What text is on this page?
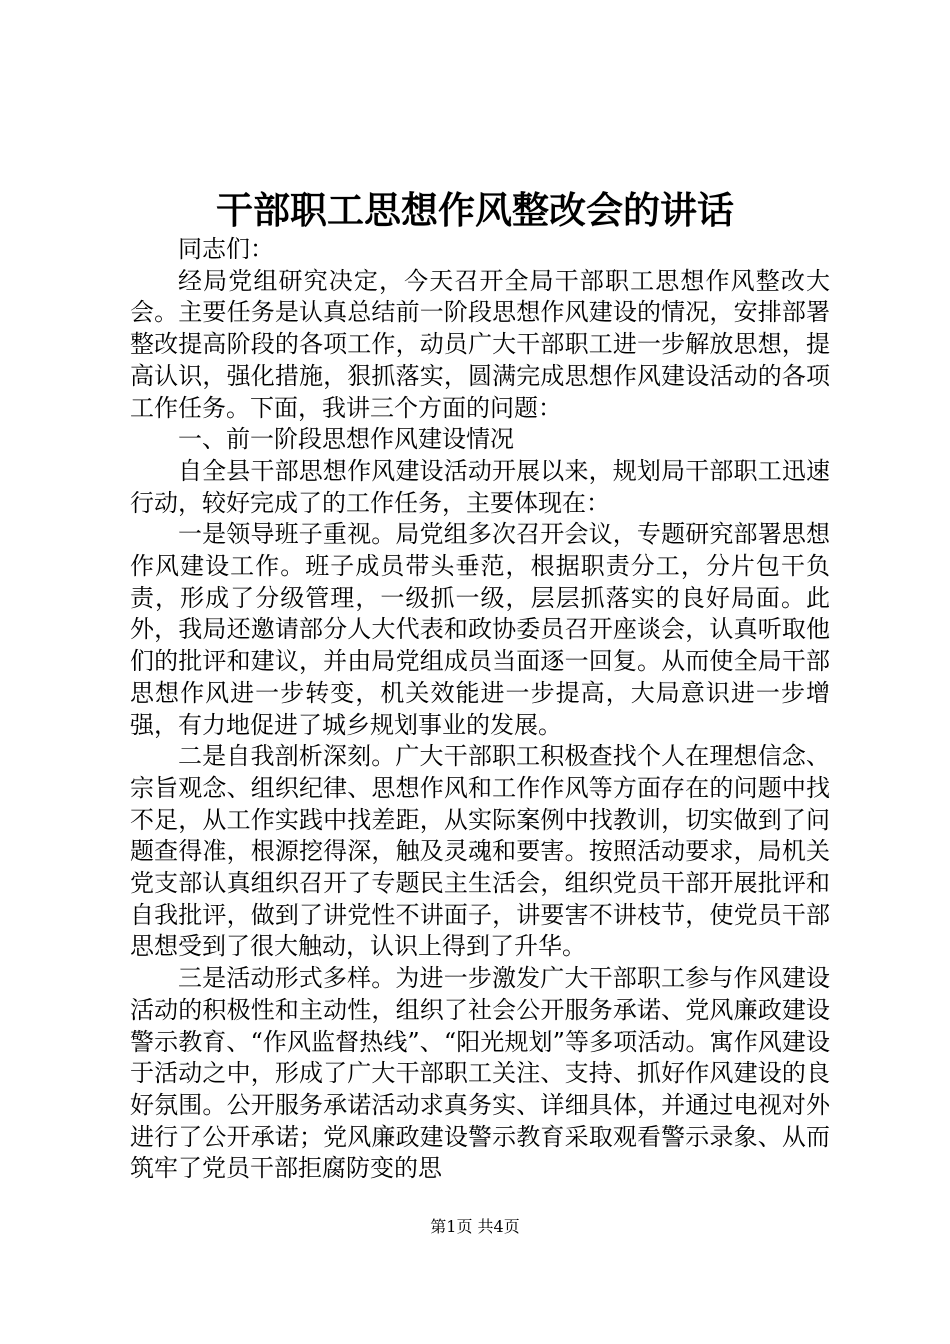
干部职工思想作风整改会的讲话

同志们：

经局党组研究决定，今天召开全局干部职工思想作风整改大会。主要任务是认真总结前一阶段思想作风建设的情况，安排部署整改提高阶段的各项工作，动员广大干部职工进一步解放思想，提高认识，强化措施，狠抓落实，圆满完成思想作风建设活动的各项工作任务。下面，我讲三个方面的问题：

一、前一阶段思想作风建设情况

自全县干部思想作风建设活动开展以来，规划局干部职工迅速行动，较好完成了的工作任务，主要体现在：

一是领导班子重视。局党组多次召开会议，专题研究部署思想作风建设工作。班子成员带头垂范，根据职责分工，分片包干负责，形成了分级管理，一级抓一级，层层抓落实的良好局面。此外，我局还邀请部分人大代表和政协委员召开座谈会，认真听取他们的批评和建议，并由局党组成员当面逐一回复。从而使全局干部思想作风进一步转变，机关效能进一步提高，大局意识进一步增强，有力地促进了城乡规划事业的发展。

二是自我剖析深刻。广大干部职工积极查找个人在理想信念、宗旨观念、组织纪律、思想作风和工作作风等方面存在的问题中找不足，从工作实践中找差距，从实际案例中找教训，切实做到了问题查得准，根源挖得深，触及灵魂和要害。按照活动要求，局机关党支部认真组织召开了专题民主生活会，组织党员干部开展批评和自我批评，做到了讲党性不讲面子，讲要害不讲枝节，使党员干部思想受到了很大触动，认识上得到了升华。

三是活动形式多样。为进一步激发广大干部职工参与作风建设活动的积极性和主动性，组织了社会公开服务承诺、党风廉政建设警示教育、“作风监督热线”、“阳光规划”等多项活动。寓作风建设于活动之中，形成了广大干部职工关注、支持、抓好作风建设的良好氛围。公开服务承诺活动求真务实、详细具体，并通过电视对外进行了公开承诺；党风廉政建设警示教育采取观看警示录象、从而筑牢了党员干部拒腐防变的思

第1页 共4页
